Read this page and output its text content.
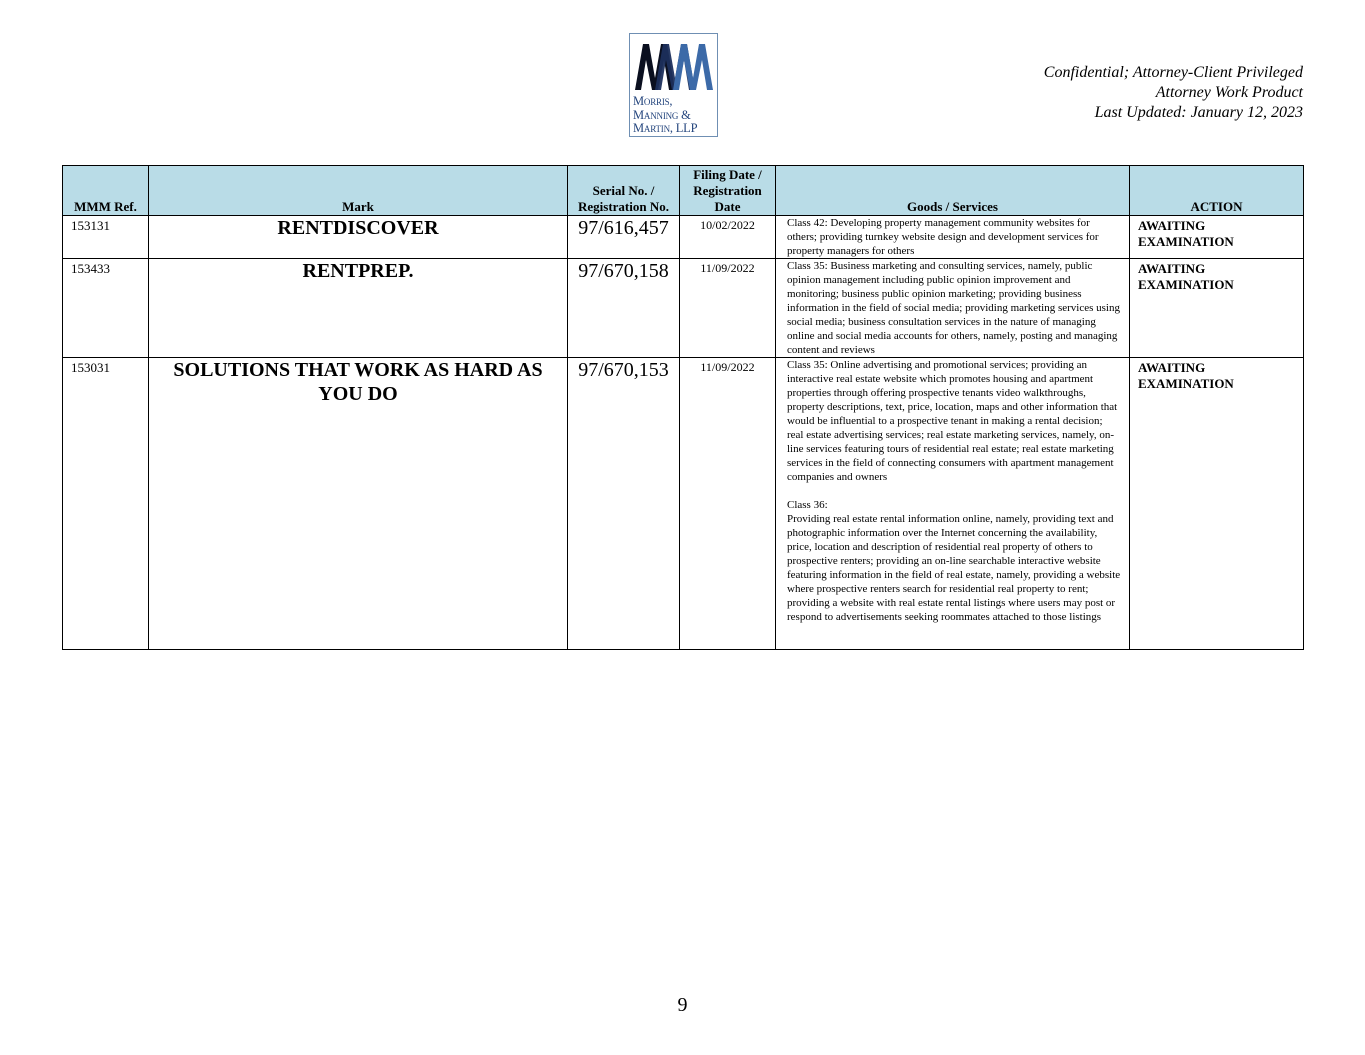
Morris,
Manning &
Martin, LLP
Confidential; Attorney-Client Privileged
Attorney Work Product
Last Updated: January 12, 2023
MMM Ref.	Mark	Serial No. / Registration No.	Filing Date / Registration Date	Goods / Services	ACTION
153131	RENTDISCOVER	97/616,457	10/02/2022	Class 42: Developing property management community websites for others; providing turnkey website design and development services for property managers for others	AWAITING EXAMINATION
153433	RENTPREP.	97/670,158	11/09/2022	Class 35: Business marketing and consulting services, namely, public opinion management including public opinion improvement and monitoring; business public opinion marketing; providing business information in the field of social media; providing marketing services using social media; business consultation services in the nature of managing online and social media accounts for others, namely, posting and managing content and reviews	AWAITING EXAMINATION
153031	SOLUTIONS THAT WORK AS HARD AS YOU DO	97/670,153	11/09/2022	Class 35: Online advertising and promotional services; providing an interactive real estate website which promotes housing and apartment properties through offering prospective tenants video walkthroughs, property descriptions, text, price, location, maps and other information that would be influential to a prospective tenant in making a rental decision; real estate advertising services; real estate marketing services, namely, on-line services featuring tours of residential real estate; real estate marketing services in the field of connecting consumers with apartment management companies and owners

Class 36:
Providing real estate rental information online, namely, providing text and photographic information over the Internet concerning the availability, price, location and description of residential real property of others to prospective renters; providing an on-line searchable interactive website featuring information in the field of real estate, namely, providing a website where prospective renters search for residential real property to rent; providing a website with real estate rental listings where users may post or respond to advertisements seeking roommates attached to those listings	AWAITING EXAMINATION
9
